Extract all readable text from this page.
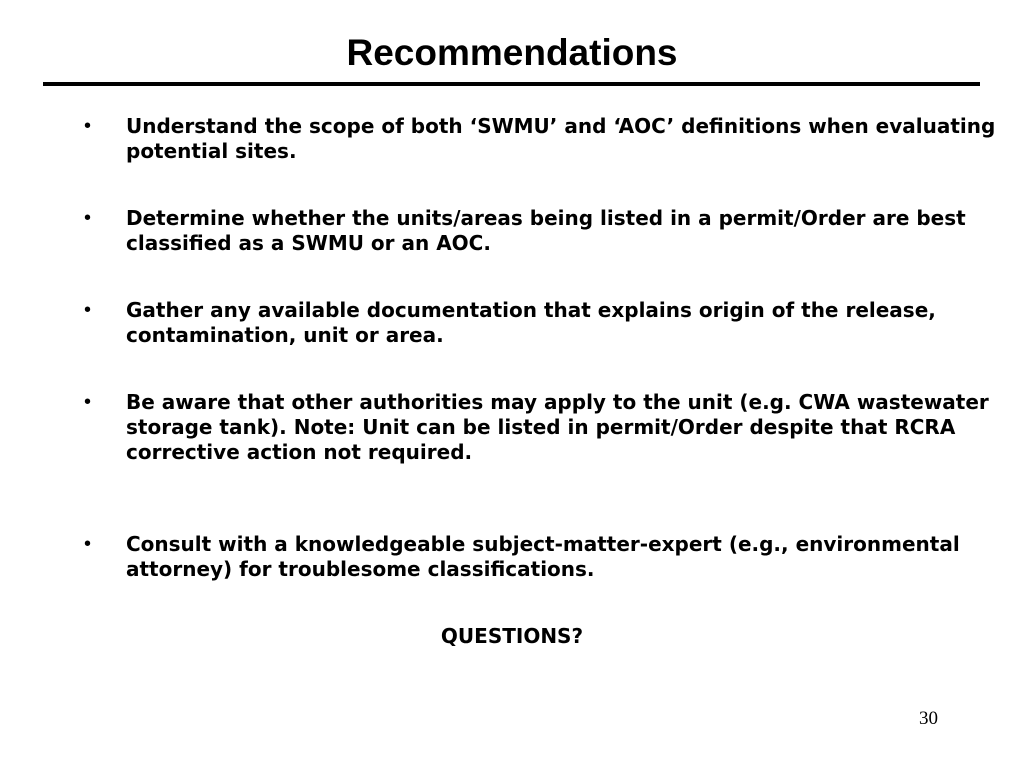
Recommendations
•	Understand the scope of both ‘SWMU’ and ‘AOC’ definitions when evaluating potential sites.
•	Determine whether the units/areas being listed in a permit/Order are best classified as a SWMU or an AOC.
•	Gather any available documentation that explains origin of the release, contamination, unit or area.
•	Be aware that other authorities may apply to the unit (e.g. CWA wastewater storage tank). Note: Unit can be listed in permit/Order despite that RCRA corrective action not required.
•	Consult with a knowledgeable subject-matter-expert (e.g., environmental attorney) for troublesome classifications.

QUESTIONS?

30
